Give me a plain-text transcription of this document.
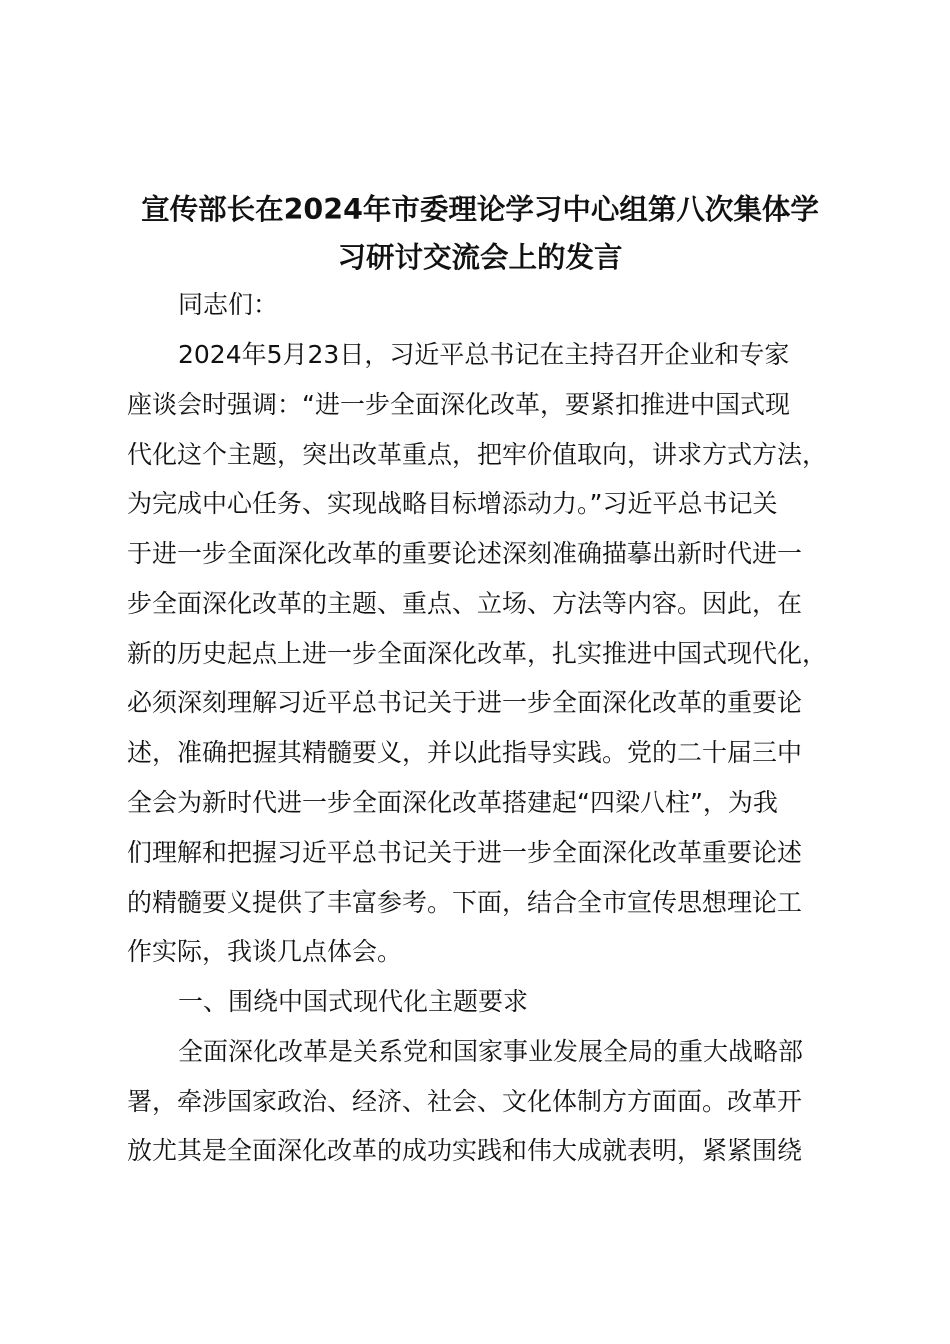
宣传部长在2024年市委理论学习中心组第八次集体学
习研讨交流会上的发言

同志们：

2024年5月23日，习近平总书记在主持召开企业和专家

座谈会时强调：“进一步全面深化改革，要紧扣推进中国式现

代化这个主题，突出改革重点，把牢价值取向，讲求方式方法，

为完成中心任务、实现战略目标增添动力。”习近平总书记关

于进一步全面深化改革的重要论述深刻准确描摹出新时代进一

步全面深化改革的主题、重点、立场、方法等内容。因此，在

新的历史起点上进一步全面深化改革，扎实推进中国式现代化，

必须深刻理解习近平总书记关于进一步全面深化改革的重要论

述，准确把握其精髓要义，并以此指导实践。党的二十届三中

全会为新时代进一步全面深化改革搭建起“四梁八柱”，为我

们理解和把握习近平总书记关于进一步全面深化改革重要论述

的精髓要义提供了丰富参考。下面，结合全市宣传思想理论工

作实际，我谈几点体会。

一、围绕中国式现代化主题要求

全面深化改革是关系党和国家事业发展全局的重大战略部

署，牵涉国家政治、经济、社会、文化体制方方面面。改革开

放尤其是全面深化改革的成功实践和伟大成就表明，紧紧围绕
